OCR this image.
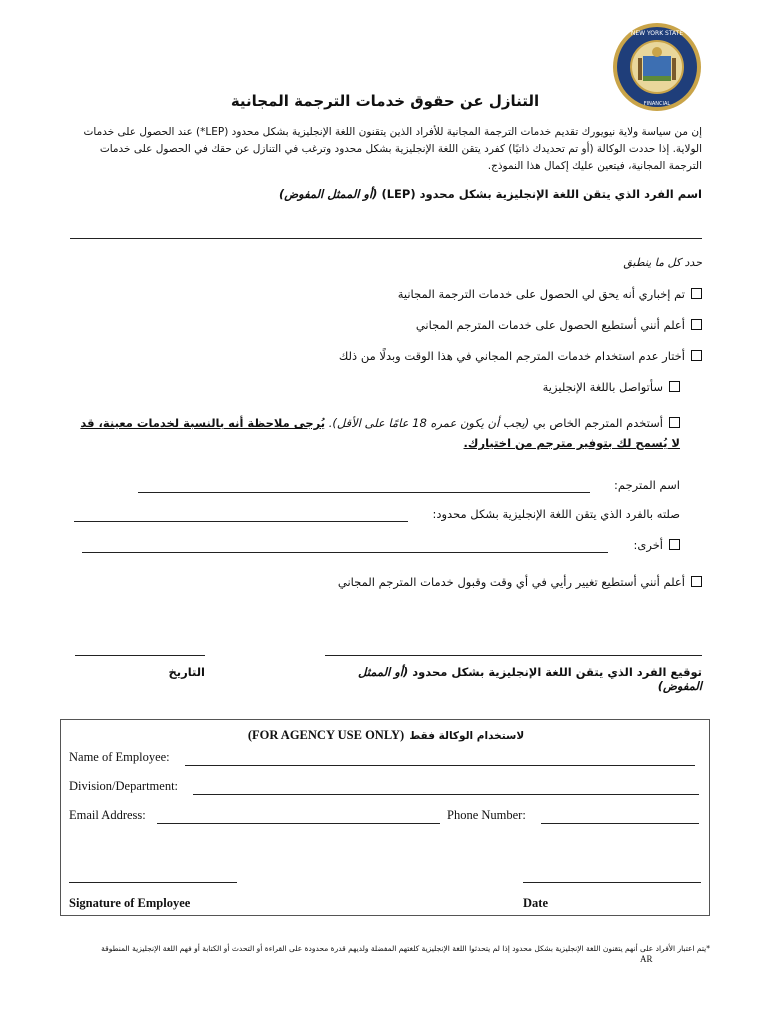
NEW YORK STATE
FINANCIAL
التنازل عن حقوق خدمات الترجمة المجانية
إن من سياسة ولاية نيويورك تقديم خدمات الترجمة المجانية للأفراد الذين يتقنون اللغة الإنجليزية بشكل محدود (LEP*) عند الحصول على خدمات الولاية. إذا حددت الوكالة (أو تم تحديدك ذاتيًا) كفرد يتقن اللغة الإنجليزية بشكل محدود وترغب في التنازل عن حقك في الحصول على خدمات الترجمة المجانية، فيتعين عليك إكمال هذا النموذج.
اسم الفرد الذي يتقن اللغة الإنجليزية بشكل محدود (LEP) (أو الممثل المفوض)
حدد كل ما ينطبق
تم إخباري أنه يحق لي الحصول على خدمات الترجمة المجانية
أعلم أنني أستطيع الحصول على خدمات المترجم المجاني
أختار عدم استخدام خدمات المترجم المجاني في هذا الوقت وبدلًا من ذلك
سأتواصل باللغة الإنجليزية
أستخدم المترجم الخاص بي (يجب أن يكون عمره 18 عامًا على الأقل). يُرجى ملاحظة أنه بالنسبة لخدمات معينة، قد لا يُسمح لك بتوفير مترجم من اختيارك.
اسم المترجم:
صلته بالفرد الذي يتقن اللغة الإنجليزية بشكل محدود:
أخرى:
أعلم أنني أستطيع تغيير رأيي في أي وقت وقبول خدمات المترجم المجاني
توقيع الفرد الذي يتقن اللغة الإنجليزية بشكل محدود (أو الممثل المفوض)
التاريخ
(FOR AGENCY USE ONLY) لاستخدام الوكالة فقط
Name of Employee:
Division/Department:
Email Address:	Phone Number:
Signature of Employee	Date
*يتم اعتبار الأفراد على أنهم يتقنون اللغة الإنجليزية بشكل محدود إذا لم يتحدثوا اللغة الإنجليزية كلغتهم المفضلة ولديهم قدرة محدودة على القراءة أو التحدث أو الكتابة أو فهم اللغة الإنجليزية المنطوقة
AR
